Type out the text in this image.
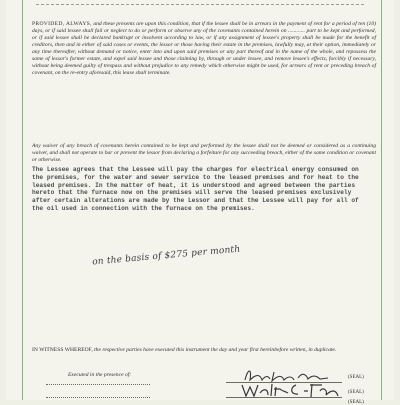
PROVIDED, ALWAYS, and these presents are upon this condition, that if the lessee shall be in arrears in the payment of rent for a period of ten (10) days, or if said lessee shall fail or neglect to do or perform or observe any of the covenants contained herein on ............ part to be kept and performed, or if said lessee shall be declared bankrupt or insolvent according to law, or if any assignment of lessee's property shall be made for the benefit of creditors, then and in either of said cases or events, the lessor or those having their estate in the premises, lawfully may, at their option, immediately or any time thereafter, without demand or notice, enter into and upon said premises or any part thereof and in the name of the whole, and repossess the same of lessor's former estate, and expel said lessee and those claiming by, through or under lessee, and remove lessee's effects, forcibly if necessary, without being deemed guilty of trespass and without prejudice to any remedy which otherwise might be used, for arrears of rent or preceding breach of covenant, on the re-entry aforesaid, this lease shall terminate.
Any waiver of any breach of covenants herein contained to be kept and performed by the lessee shall not be deemed or considered as a continuing waiver, and shall not operate to bar or prevent the lessor from declaring a forfeiture for any succeeding breach, either of the same condition or covenant or otherwise.
The Lessee agrees that the Lessee will pay the charges for electrical energy consumed on the premises, for the water and sewer service to the leased premises and for heat to the leased premises. In the matter of heat, it is understood and agreed between the parties hereto that the furnace now on the premises will serve the leased premises exclusively after certain alterations are made by the Lessor and that the Lessee will pay for all of the oil used in connection with the furnace on the premises.
on the basis of $275 per month
IN WITNESS WHEREOF, the respective parties have executed this instrument the day and year first hereinbefore written, in duplicate.
Executed in the presence of:	(SEAL)
(SEAL)
(SEAL)
